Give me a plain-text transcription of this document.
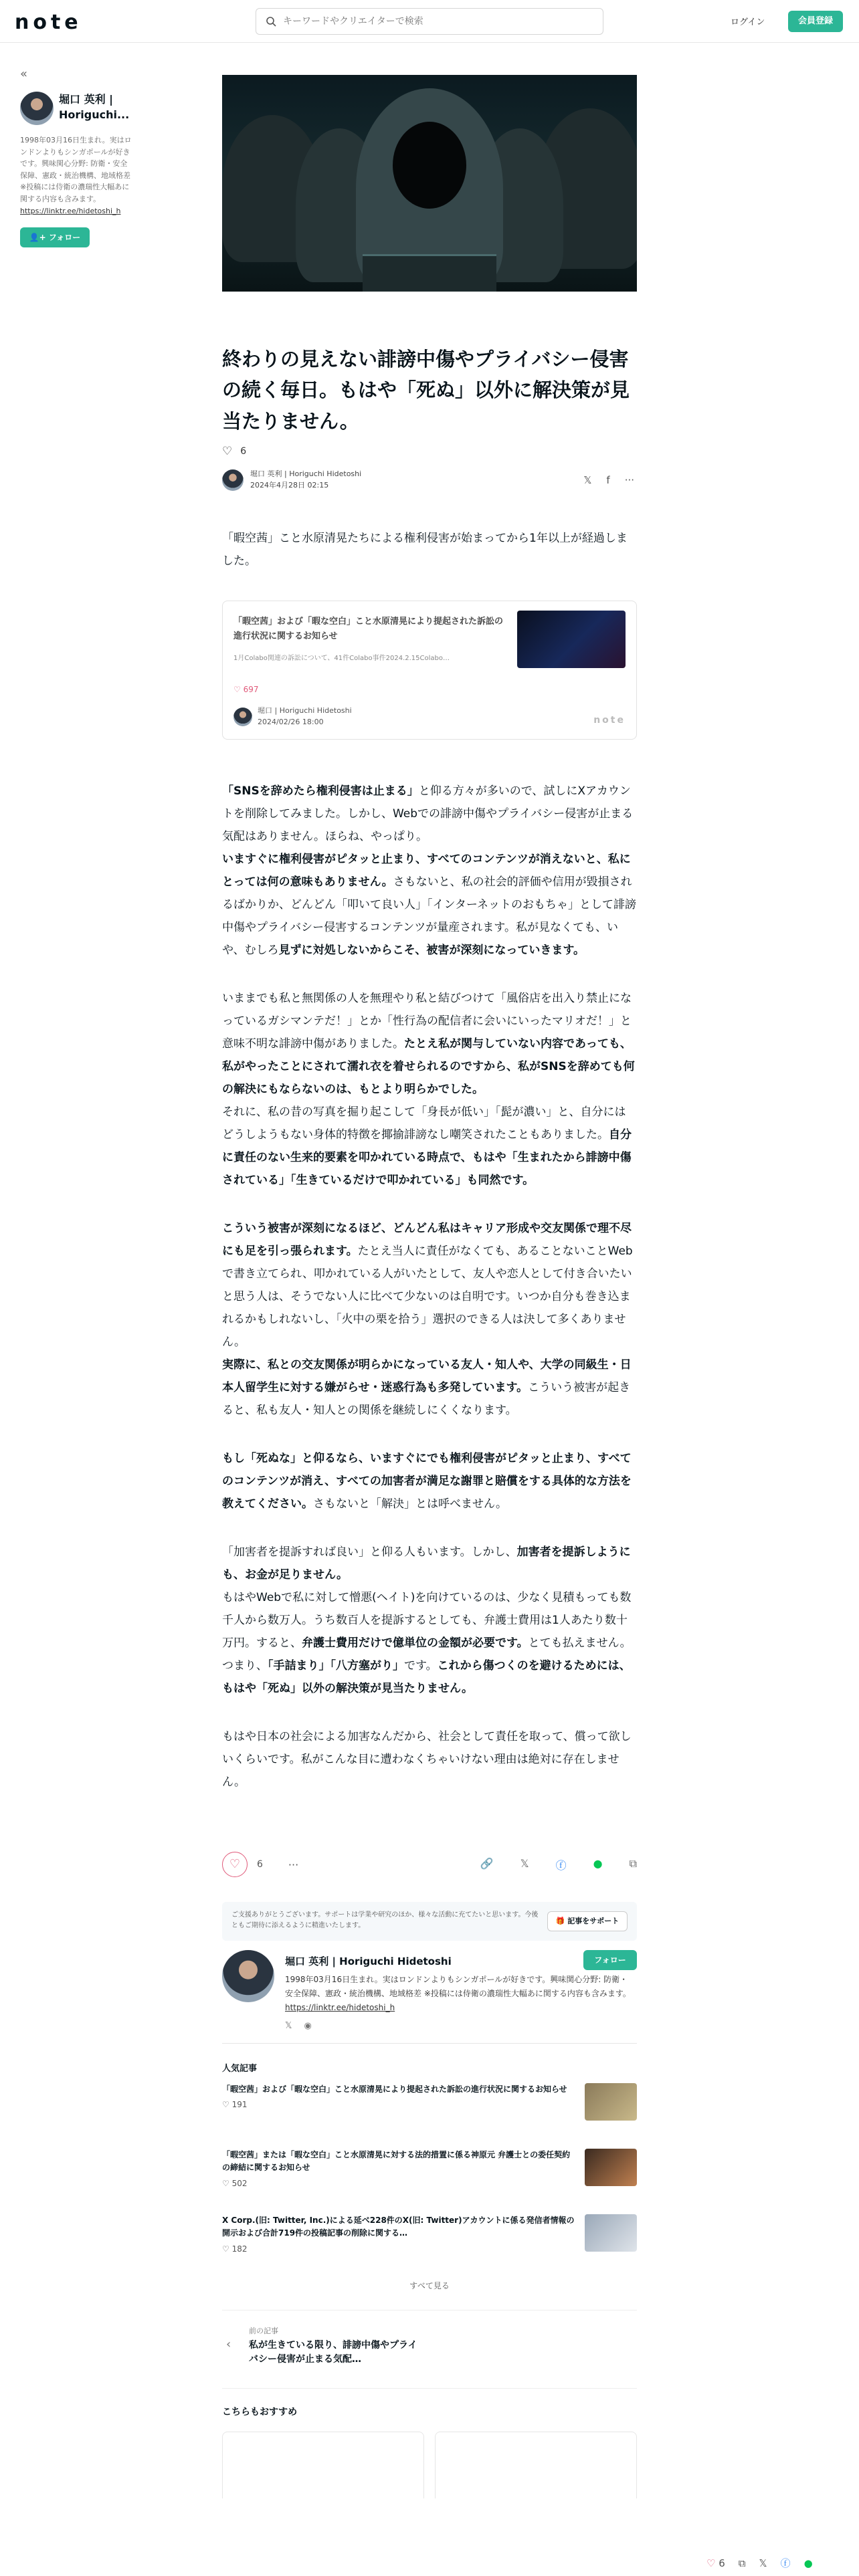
note
キーワードやクリエイターで検索	ログイン	会員登録
«
堀口 英利 | Horiguchi...
1998年03月16日生まれ。実はロンドンよりもシンガポールが好きです。興味関心分野: 防衛・安全保障、憲政・統治機構、地域格差 ※投稿には侍衛の濃瑞性大幅あに関する内容も含みます。
https://linktr.ee/hidetoshi_h
👤+ フォロー
終わりの見えない誹謗中傷やプライバシー侵害の続く毎日。もはや「死ぬ」以外に解決策が見当たりません。
♡ 6
堀口 英利 | Horiguchi Hidetoshi
2024年4月28日 02:15	𝕏 f ···

「暇空茜」こと水原清晃たちによる権利侵害が始まってから1年以上が経過しました。

「暇空茜」および「暇な空白」こと水原清晃により提起された訴訟の進行状況に関するお知らせ
1月Colabo関連の訴訟について、41件Colabo事件2024.2.15Colabo…
♡ 697
堀口 | Horiguchi Hidetoshi
2024/02/26 18:00	note

「SNSを辞めたら権利侵害は止まる」と仰る方々が多いので、試しにXアカウントを削除してみました。しかし、Webでの誹謗中傷やプライバシー侵害が止まる気配はありません。ほらね、やっぱり。

いますぐに権利侵害がピタッと止まり、すべてのコンテンツが消えないと、私にとっては何の意味もありません。さもないと、私の社会的評価や信用が毀損されるばかりか、どんどん「叩いて良い人」「インターネットのおもちゃ」として誹謗中傷やプライバシー侵害するコンテンツが量産されます。私が見なくても、いや、むしろ見ずに対処しないからこそ、被害が深刻になっていきます。

いままでも私と無関係の人を無理やり私と結びつけて「風俗店を出入り禁止になっているガシマンテだ！」とか「性行為の配信者に会いにいったマリオだ！」と意味不明な誹謗中傷がありました。たとえ私が関与していない内容であっても、私がやったことにされて濡れ衣を着せられるのですから、私がSNSを辞めても何の解決にもならないのは、もとより明らかでした。

それに、私の昔の写真を掘り起こして「身長が低い」「髭が濃い」と、自分にはどうしようもない身体的特徴を揶揄誹謗なし嘲笑されたこともありました。自分に責任のない生来的要素を叩かれている時点で、もはや「生まれたから誹謗中傷されている」「生きているだけで叩かれている」も同然です。

こういう被害が深刻になるほど、どんどん私はキャリア形成や交友関係で理不尽にも足を引っ張られます。たとえ当人に責任がなくても、あることないことWebで書き立てられ、叩かれている人がいたとして、友人や恋人として付き合いたいと思う人は、そうでない人に比べて少ないのは自明です。いつか自分も巻き込まれるかもしれないし、「火中の栗を拾う」選択のできる人は決して多くありません。

実際に、私との交友関係が明らかになっている友人・知人や、大学の同級生・日本人留学生に対する嫌がらせ・迷惑行為も多発しています。こういう被害が起きると、私も友人・知人との関係を継続しにくくなります。

もし「死ぬな」と仰るなら、いますぐにでも権利侵害がピタッと止まり、すべてのコンテンツが消え、すべての加害者が満足な謝罪と賠償をする具体的な方法を教えてください。さもないと「解決」とは呼べません。

「加害者を提訴すれば良い」と仰る人もいます。しかし、加害者を提訴しようにも、お金が足りません。

もはやWebで私に対して憎悪(ヘイト)を向けているのは、少なく見積もっても数千人から数万人。うち数百人を提訴するとしても、弁護士費用は1人あたり数十万円。すると、弁護士費用だけで億単位の金額が必要です。とても払えません。

つまり、「手詰まり」「八方塞がり」です。これから傷つくのを避けるためには、もはや「死ぬ」以外の解決策が見当たりません。

もはや日本の社会による加害なんだから、社会として責任を取って、償って欲しいくらいです。私がこんな目に遭わなくちゃいけない理由は絶対に存在しません。

♡	6 ···	🔗	𝕏	ⓕ	●	⧉
ご支援ありがとうございます。サポートは学業や研究のほか、様々な活動に充てたいと思います。今後ともご期待に添えるように精進いたします。
🎁 記事をサポート
堀口 英利 | Horiguchi Hidetoshi	フォロー
1998年03月16日生まれ。実はロンドンよりもシンガポールが好きです。興味関心分野: 防衛・安全保障、憲政・統治機構、地域格差 ※投稿には侍衛の濃瑞性大幅あに関する内容も含みます。 https://linktr.ee/hidetoshi_h
𝕏 ◉
人気記事
「暇空茜」および「暇な空白」こと水原清晃により提起された訴訟の進行状況に関するお知らせ
♡ 191
「暇空茜」または「暇な空白」こと水原清晃に対する法的措置に係る神原元 弁護士との委任契約の締結に関するお知らせ
♡ 502
X Corp.(旧: Twitter, Inc.)による延べ228件のX(旧: Twitter)アカウントに係る発信者情報の開示および合計719件の投稿記事の削除に関する…
♡ 182
すべて見る
‹
前の記事
私が生きている限り、誹謗中傷やプライバシー侵害が止まる気配…
こちらもおすすめ
♡ 6 ⧉ 𝕏 ⓕ ●
